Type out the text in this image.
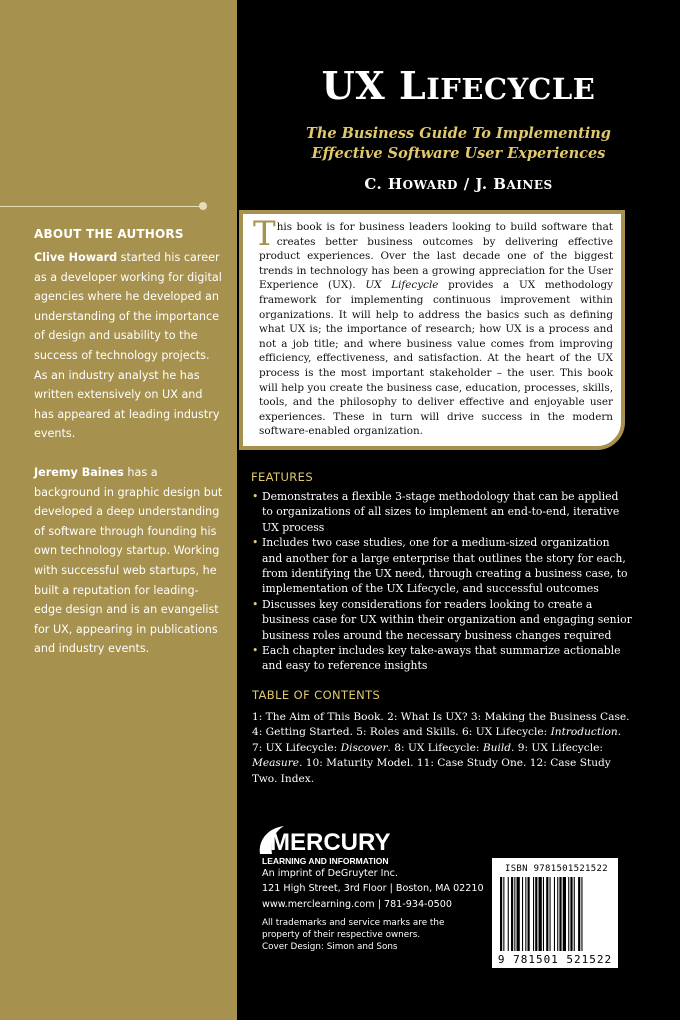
ABOUT THE AUTHORS
Clive Howard started his career as a developer working for digital agencies where he developed an understanding of the importance of design and usability to the success of technology projects. As an industry analyst he has written extensively on UX and has appeared at leading industry events.
Jeremy Baines has a background in graphic design but developed a deep understanding of software through founding his own technology startup. Working with successful web startups, he built a reputation for leading-edge design and is an evangelist for UX, appearing in publications and industry events.
UX LIFECYCLE
The Business Guide To Implementing
Effective Software User Experiences
C. HOWARD / J. BAINES
This book is for business leaders looking to build software that creates better business outcomes by delivering effective product experiences. Over the last decade one of the biggest trends in technology has been a growing appreciation for the User Experience (UX). UX Lifecycle provides a UX methodology framework for implementing continuous improvement within organizations. It will help to address the basics such as defining what UX is; the importance of research; how UX is a process and not a job title; and where business value comes from improving efficiency, effectiveness, and satisfaction. At the heart of the UX process is the most important stakeholder – the user. This book will help you create the business case, education, processes, skills, tools, and the philosophy to deliver effective and enjoyable user experiences. These in turn will drive success in the modern software-enabled organization.
FEATURES
• Demonstrates a flexible 3-stage methodology that can be applied to organizations of all sizes to implement an end-to-end, iterative UX process
• Includes two case studies, one for a medium-sized organization and another for a large enterprise that outlines the story for each, from identifying the UX need, through creating a business case, to implementation of the UX Lifecycle, and successful outcomes
• Discusses key considerations for readers looking to create a business case for UX within their organization and engaging senior business roles around the necessary business changes required
• Each chapter includes key take-aways that summarize actionable and easy to reference insights
TABLE OF CONTENTS
1: The Aim of This Book. 2: What Is UX? 3: Making the Business Case. 4: Getting Started. 5: Roles and Skills. 6: UX Lifecycle: Introduction. 7: UX Lifecycle: Discover. 8: UX Lifecycle: Build. 9: UX Lifecycle: Measure. 10: Maturity Model. 11: Case Study One. 12: Case Study Two. Index.
MERCURY
LEARNING AND INFORMATION
An imprint of DeGruyter Inc.
121 High Street, 3rd Floor | Boston, MA 02210
www.merclearning.com | 781-934-0500
All trademarks and service marks are the
property of their respective owners.
Cover Design: Simon and Sons
ISBN 9781501521522
9 781501 521522
